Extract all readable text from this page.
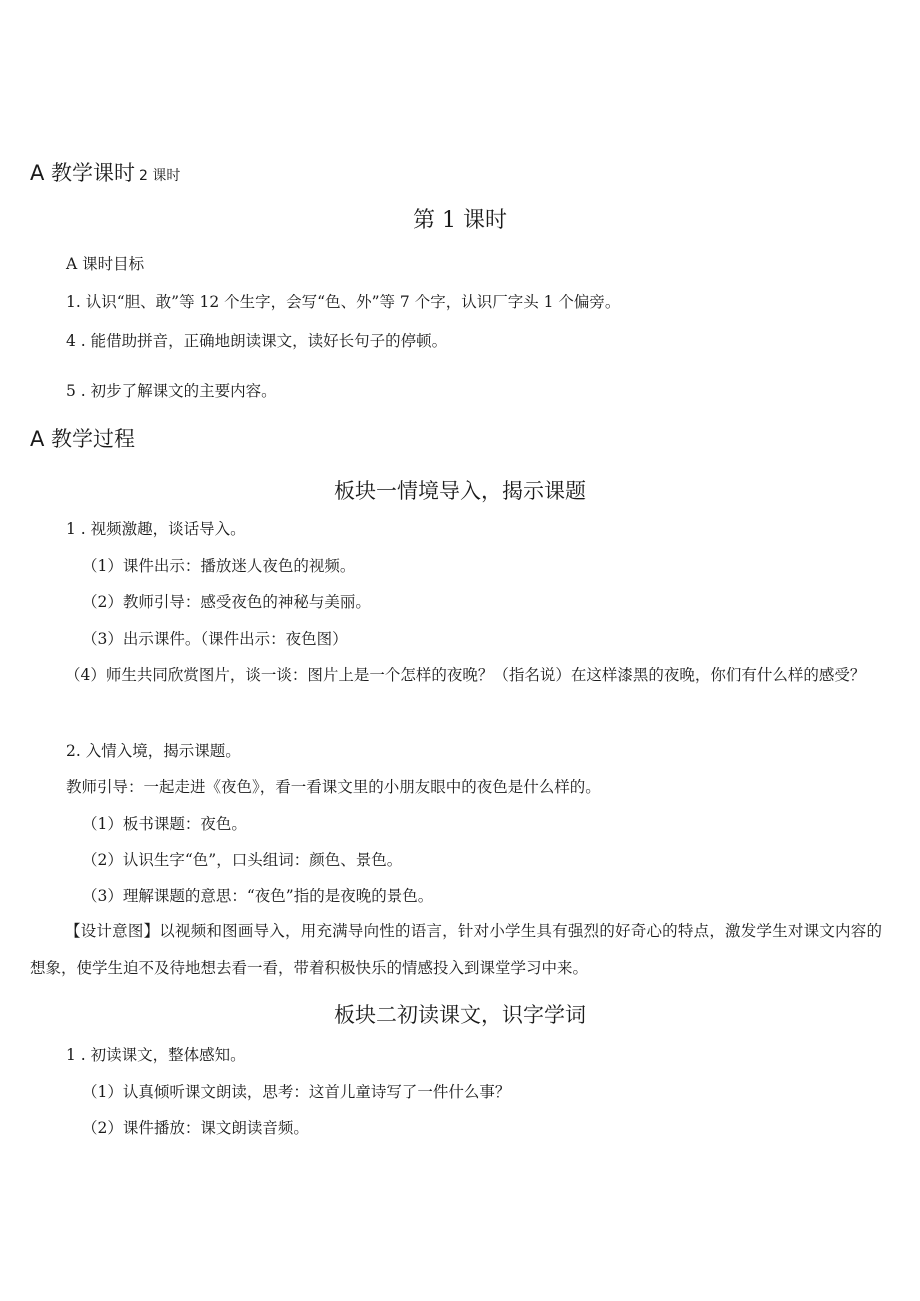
A 教学课时 2 课时
第 1 课时
A 课时目标
1. 认识“胆、敢”等 12 个生字，会写“色、外”等 7 个字，认识厂字头 1 个偏旁。
4 . 能借助拼音，正确地朗读课文，读好长句子的停顿。
5 . 初步了解课文的主要内容。
A 教学过程
板块一情境导入，揭示课题
1 . 视频激趣，谈话导入。
（1）课件出示：播放迷人夜色的视频。
（2）教师引导：感受夜色的神秘与美丽。
（3）出示课件。（课件出示：夜色图）
（4）师生共同欣赏图片，谈一谈：图片上是一个怎样的夜晚？（指名说）在这样漆黑的夜晚，你们有什么样的感受？
2. 入情入境，揭示课题。
教师引导：一起走进《夜色》，看一看课文里的小朋友眼中的夜色是什么样的。
（1）板书课题：夜色。
（2）认识生字“色”，口头组词：颜色、景色。
（3）理解课题的意思：“夜色”指的是夜晚的景色。
【设计意图】以视频和图画导入，用充满导向性的语言，针对小学生具有强烈的好奇心的特点，激发学生对课文内容的想象，使学生迫不及待地想去看一看，带着积极快乐的情感投入到课堂学习中来。
板块二初读课文，识字学词
1 . 初读课文，整体感知。
（1）认真倾听课文朗读，思考：这首儿童诗写了一件什么事？
（2）课件播放：课文朗读音频。
